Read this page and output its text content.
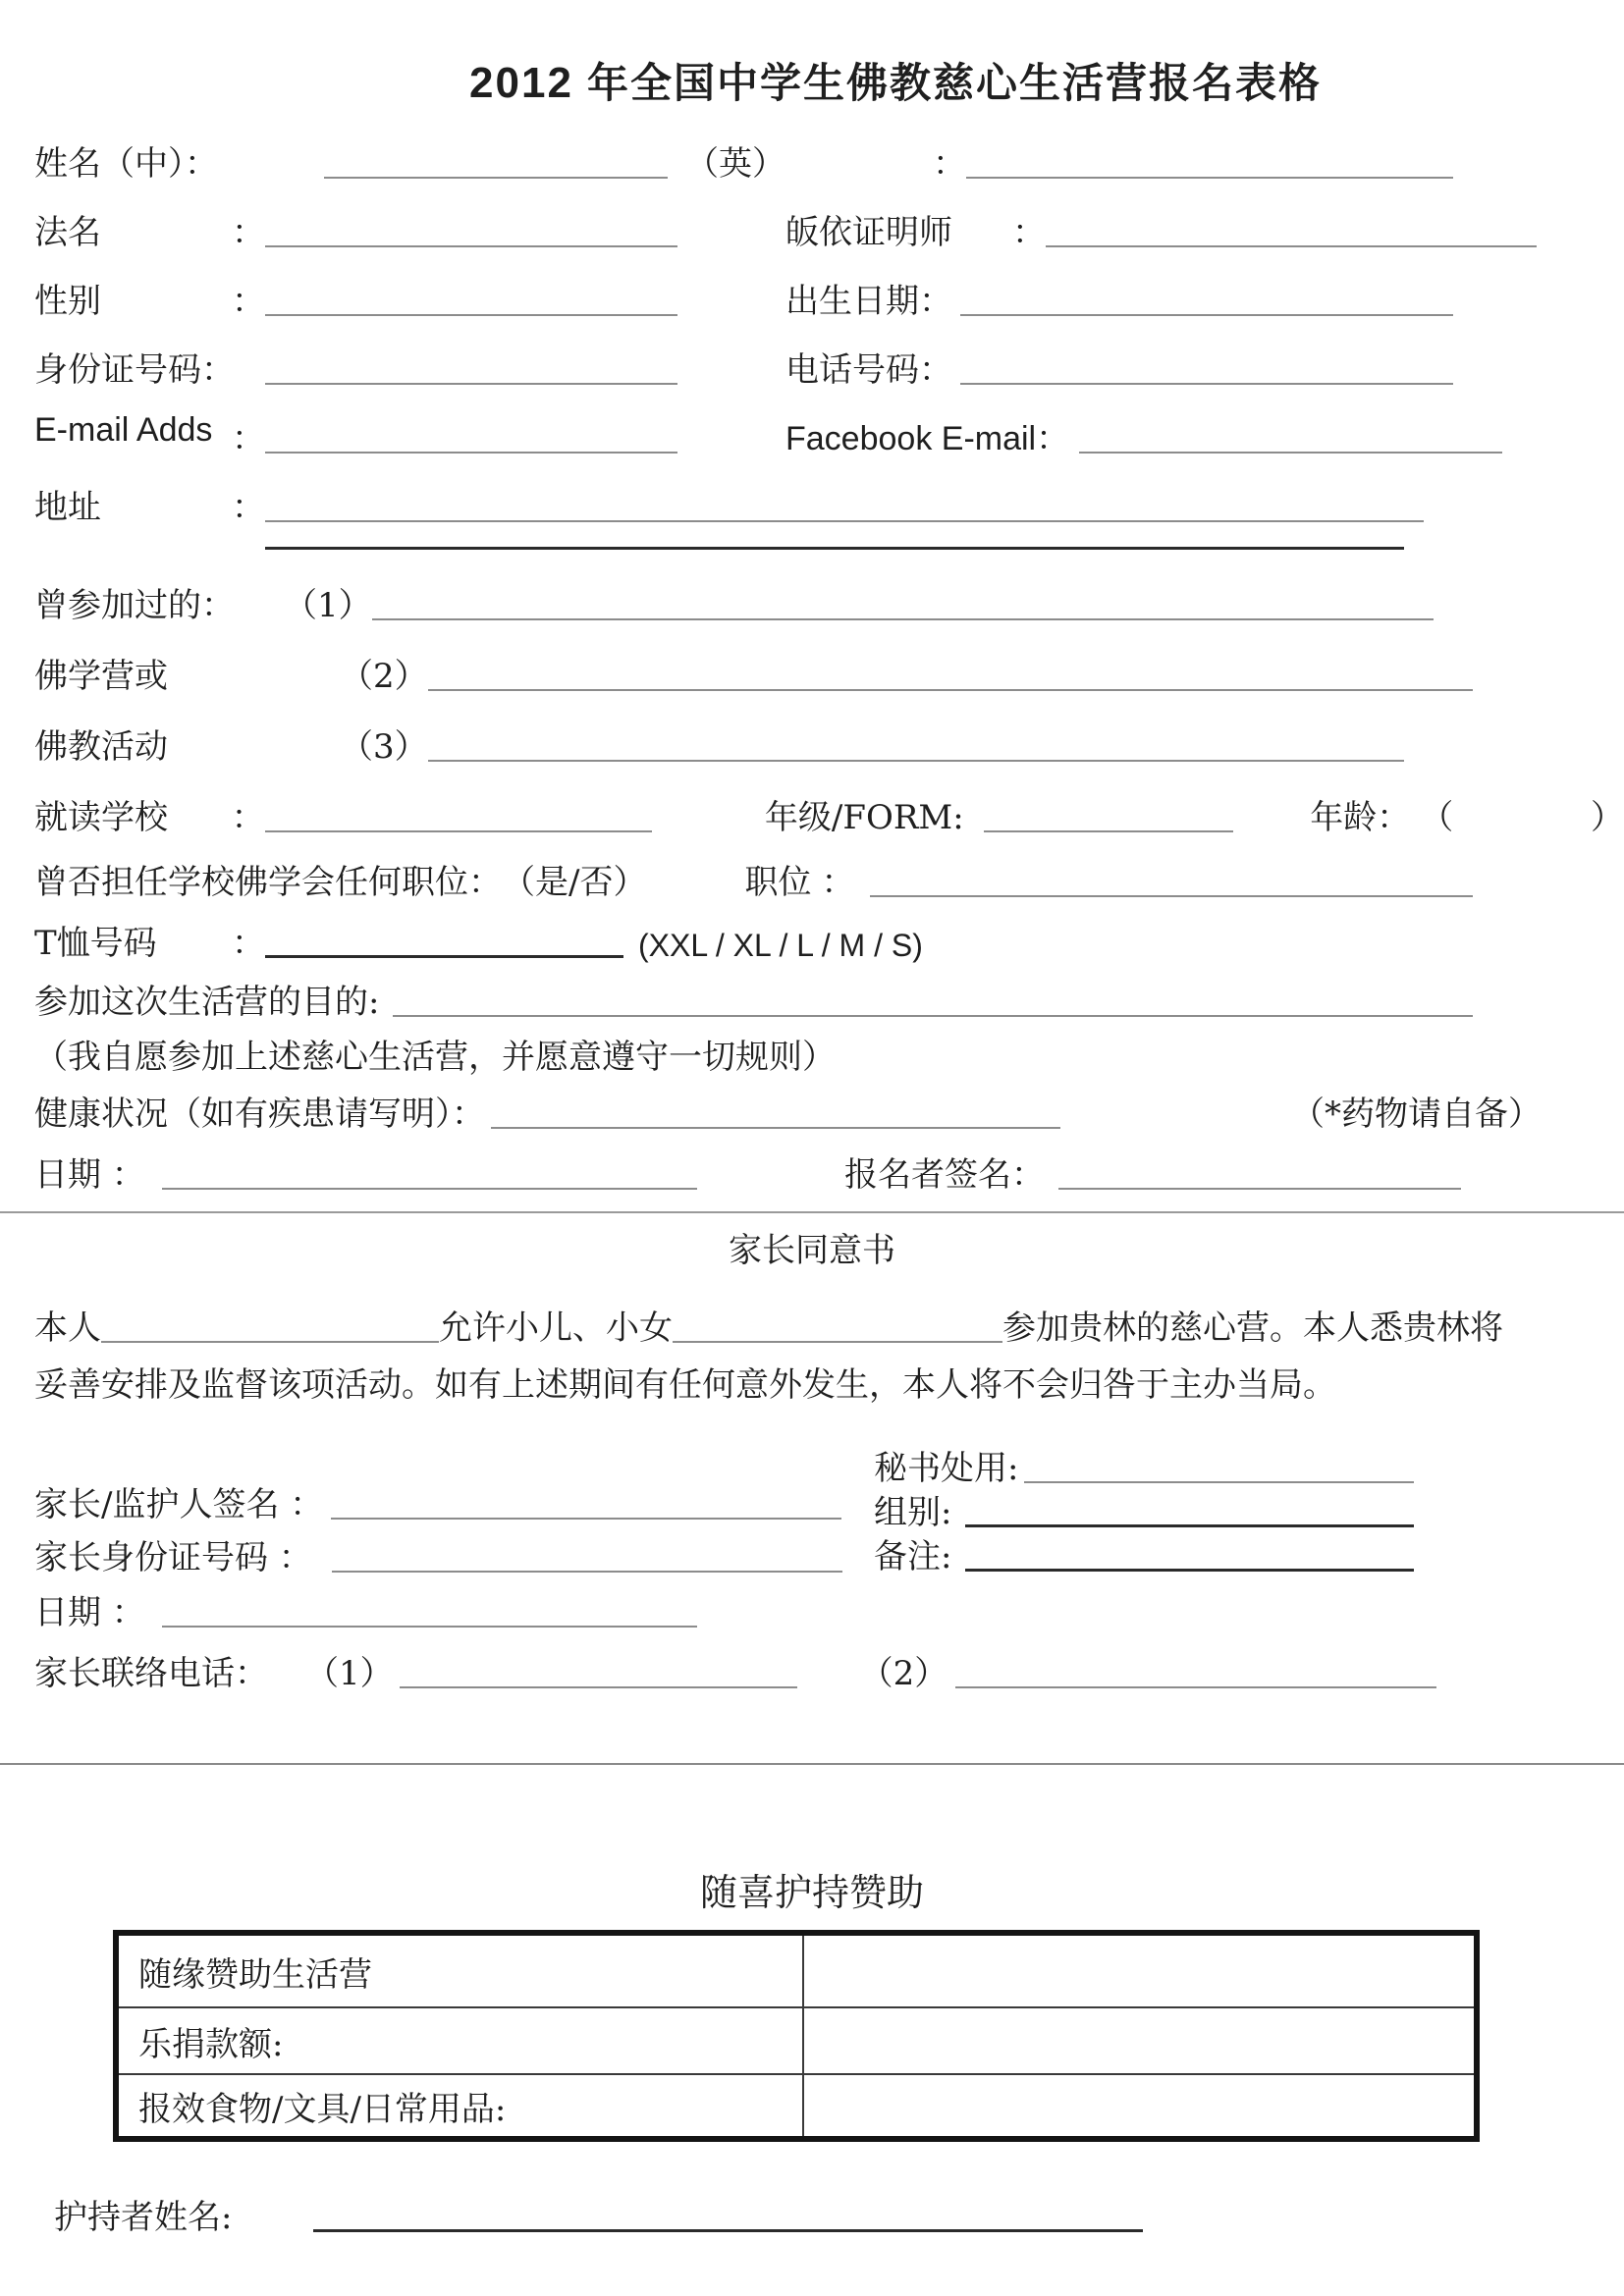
2012 年全国中学生佛教慈心生活营报名表格
姓名（中）：	（英）	：
法名	：	皈依证明师 ：
性别	：	出生日期：
身份证号码：	电话号码：
E-mail Adds ：	Facebook E-mail：
地址	：
曾参加过的： （1）
佛学营或	（2）
佛教活动	（3）
就读学校 ：	年级/FORM:	年龄： （	）
曾否担任学校佛学会任何职位： （是/否）	职位 ：
T恤号码 ：	(XXL / XL / L / M / S)
参加这次生活营的目的:
（我自愿参加上述慈心生活营，并愿意遵守一切规则）
健康状况（如有疾患请写明）：	（*药物请自备）
日期 ：	报名者签名：
家长同意书
本人	允许小儿、小女	参加贵林的慈心营。本人悉贵林将
妥善安排及监督该项活动。如有上述期间有任何意外发生，本人将不会归咎于主办当局。
家长/监护人签名 ：
家长身份证号码 ：
秘书处用:
组别:
备注:
日期 ：
家长联络电话： （1）	（2）
随喜护持赞助
随缘赞助生活营	
乐捐款额:	
报效食物/文具/日常用品:	
护持者姓名:
